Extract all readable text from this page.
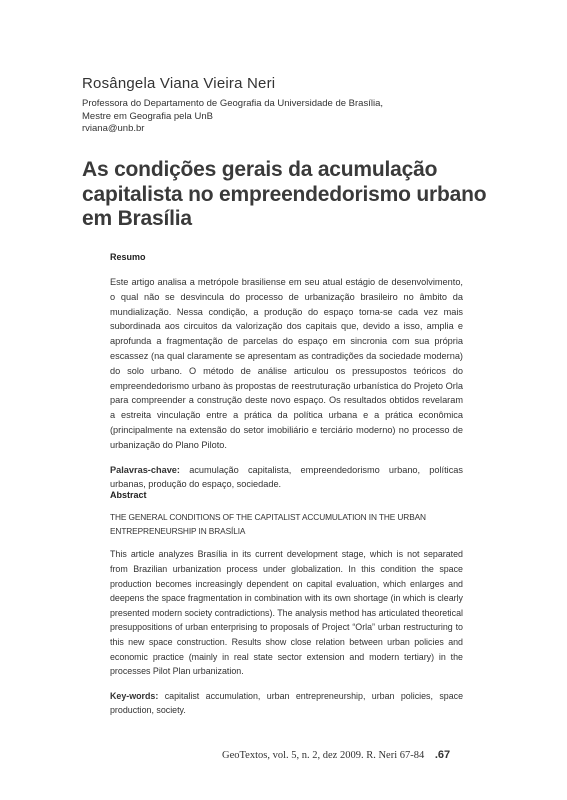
Rosângela Viana Vieira Neri
Professora do Departamento de Geografia da Universidade de Brasília,
Mestre em Geografia pela UnB
rviana@unb.br
As condições gerais da acumulação capitalista no empreendedorismo urbano em Brasília
Resumo

Este artigo analisa a metrópole brasiliense em seu atual estágio de desenvolvimento, o qual não se desvincula do processo de urbanização brasileiro no âmbito da mundialização. Nessa condição, a produção do espaço torna-se cada vez mais subordinada aos circuitos da valorização dos capitais que, devido a isso, amplia e aprofunda a fragmentação de parcelas do espaço em sincronia com sua própria escassez (na qual claramente se apresentam as contradições da sociedade moderna) do solo urbano. O método de análise articulou os pressupostos teóricos do empreendedorismo urbano às propostas de reestruturação urbanística do Projeto Orla para compreender a construção deste novo espaço. Os resultados obtidos revelaram a estreita vinculação entre a prática da política urbana e a prática econômica (principalmente na extensão do setor imobiliário e terciário moderno) no processo de urbanização do Plano Piloto.

Palavras-chave: acumulação capitalista, empreendedorismo urbano, políticas urbanas, produção do espaço, sociedade.

Abstract

THE GENERAL CONDITIONS OF THE CAPITALIST ACCUMULATION IN THE URBAN ENTREPRENEURSHIP IN BRASÍLIA

This article analyzes Brasília in its current development stage, which is not separated from Brazilian urbanization process under globalization. In this condition the space production becomes increasingly dependent on capital evaluation, which enlarges and deepens the space fragmentation in combination with its own shortage (in which is clearly presented modern society contradictions). The analysis method has articulated theoretical presuppositions of urban enterprising to proposals of Project “Orla” urban restructuring to this new space construction. Results show close relation between urban policies and economic practice (mainly in real state sector extension and modern tertiary) in the processes Pilot Plan urbanization.

Key-words: capitalist accumulation, urban entrepreneurship, urban policies, space production, society.

GeoTextos, vol. 5, n. 2, dez 2009. R. Neri 67-84 .67
